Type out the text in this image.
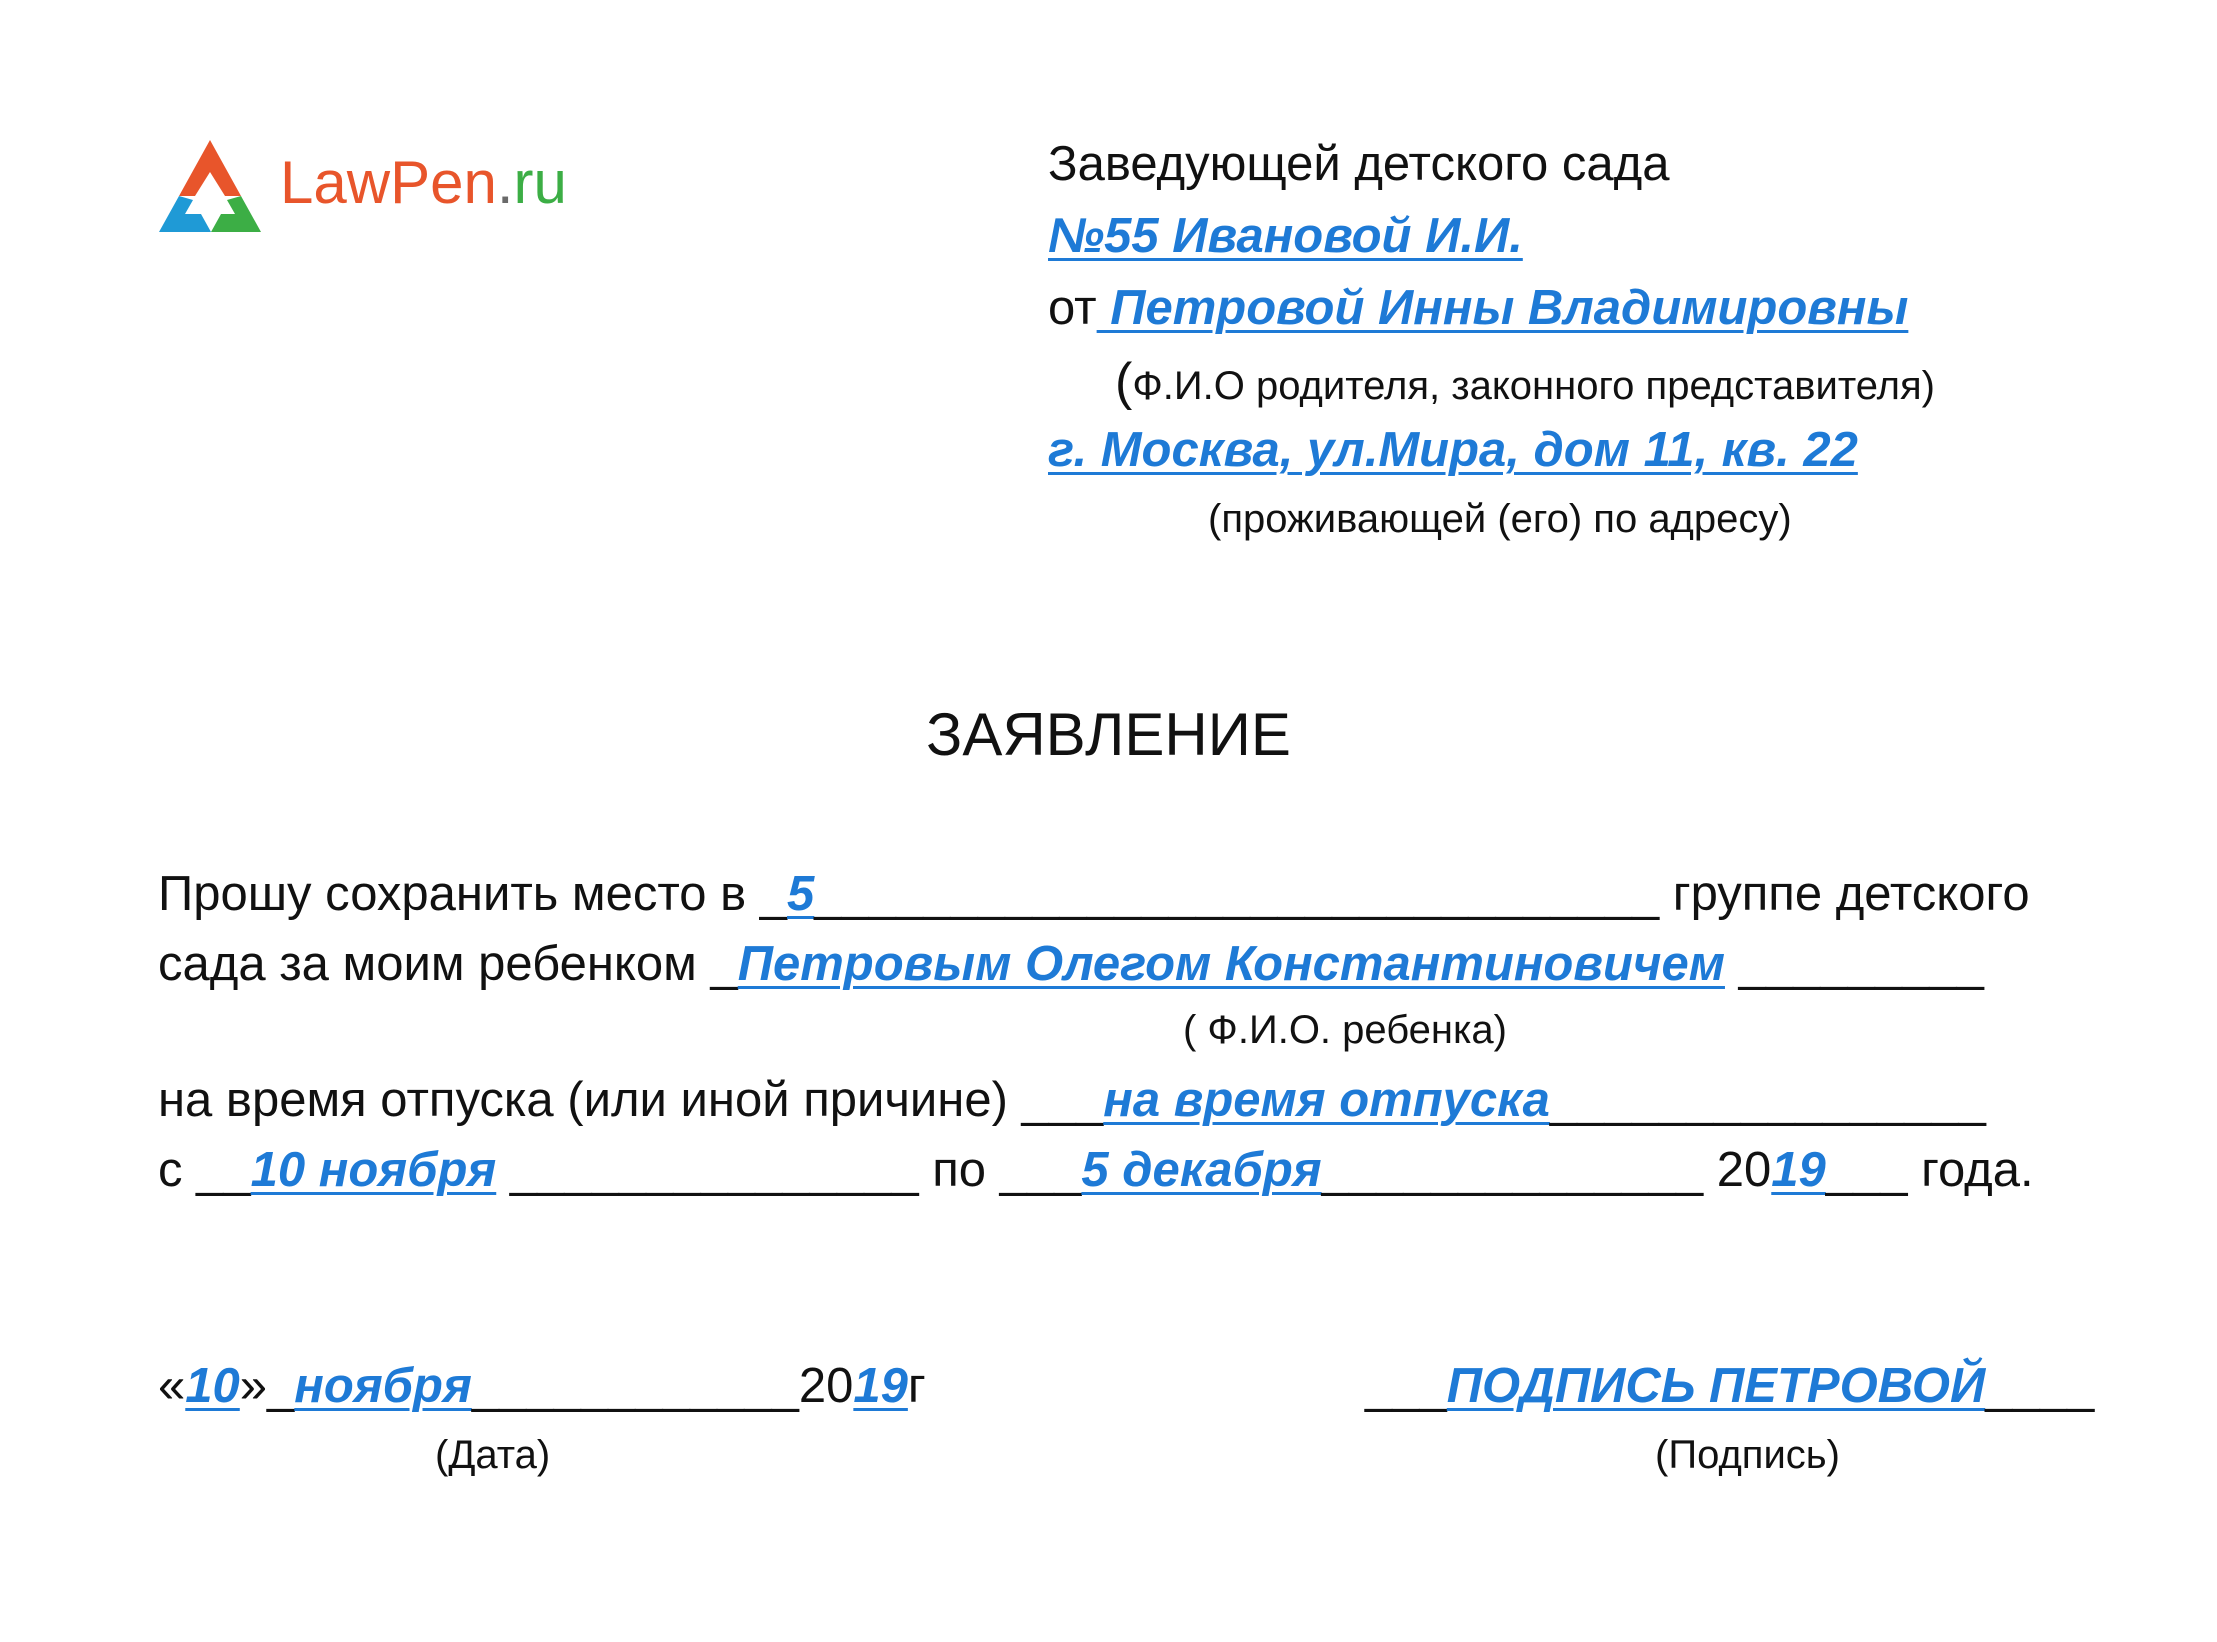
LawPen.ru	Заведующей детского сада
№55 Ивановой И.И.
от Петровой Инны Владимировны
(Ф.И.О родителя, законного представителя)
г. Москва, ул.Мира, дом 11, кв. 22
(проживающей (его) по адресу)
ЗАЯВЛЕНИЕ
Прошу сохранить место в _5_______________________________ группе детского
сада за моим ребенком _Петровым Олегом Константиновичем _________
( Ф.И.О. ребенка)
на время отпуска (или иной причине) ___на время отпуска________________
с __10 ноября _______________ по ___5 декабря______________ 2019___ года.
«10»_ноября____________2019г
(Дата)
___ПОДПИСЬ ПЕТРОВОЙ____
(Подпись)
